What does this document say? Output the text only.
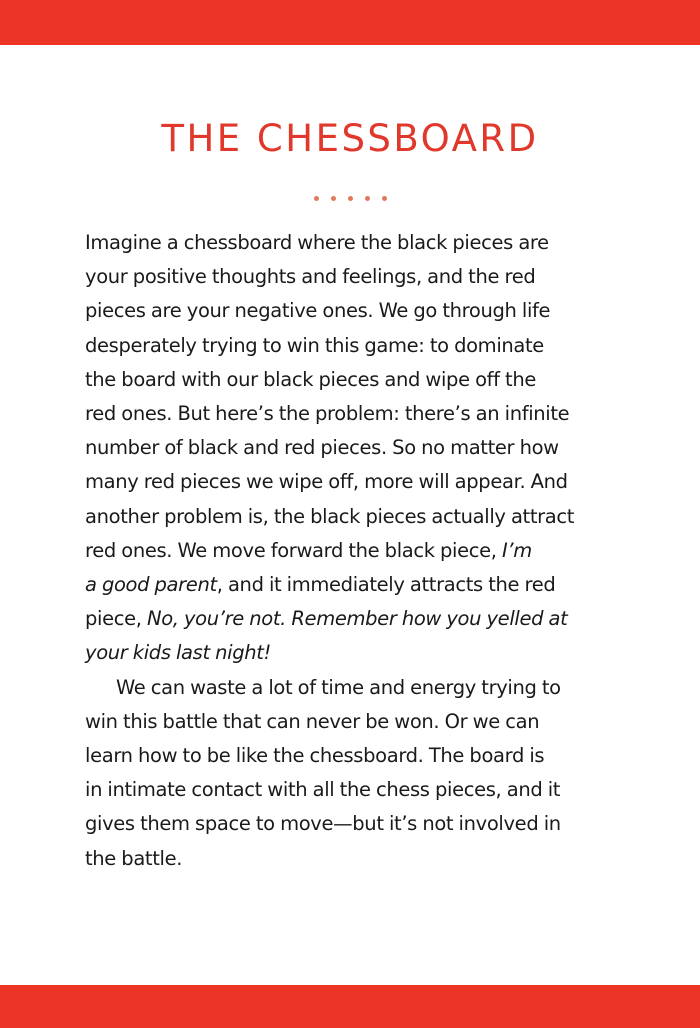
THE CHESSBOARD
Imagine a chessboard where the black pieces are
your positive thoughts and feelings, and the red
pieces are your negative ones. We go through life
desperately trying to win this game: to dominate
the board with our black pieces and wipe off the
red ones. But here’s the problem: there’s an infinite
number of black and red pieces. So no matter how
many red pieces we wipe off, more will appear. And
another problem is, the black pieces actually attract
red ones. We move forward the black piece, I’m
a good parent, and it immediately attracts the red
piece, No, you’re not. Remember how you yelled at
your kids last night!
We can waste a lot of time and energy trying to
win this battle that can never be won. Or we can
learn how to be like the chessboard. The board is
in intimate contact with all the chess pieces, and it
gives them space to move—but it’s not involved in
the battle.
